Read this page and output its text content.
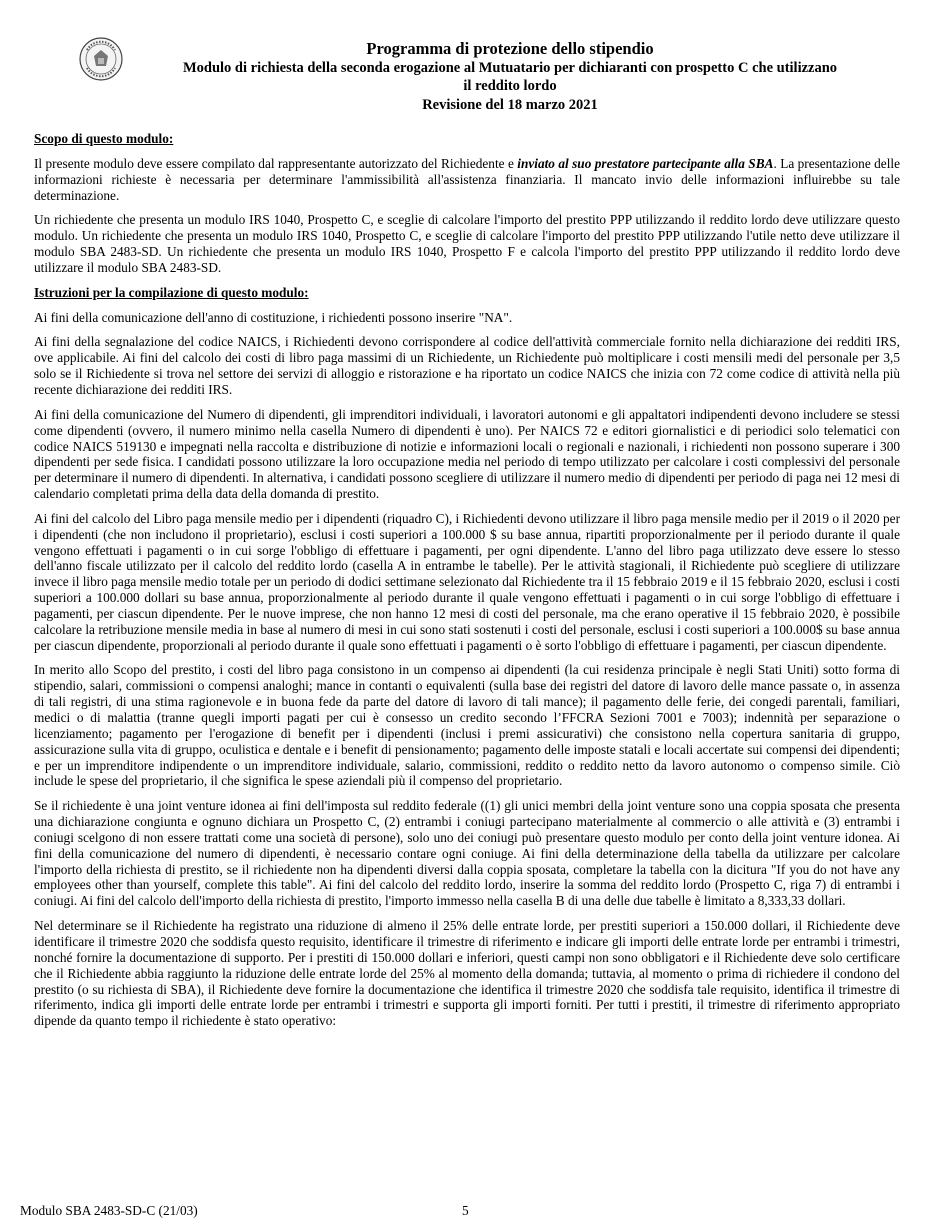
Programma di protezione dello stipendio
Modulo di richiesta della seconda erogazione al Mutuatario per dichiaranti con prospetto C che utilizzano
il reddito lordo
Revisione del 18 marzo 2021

Scopo di questo modulo:

Il presente modulo deve essere compilato dal rappresentante autorizzato del Richiedente e inviato al suo prestatore partecipante alla SBA. La presentazione delle informazioni richieste è necessaria per determinare l'ammissibilità all'assistenza finanziaria. Il mancato invio delle informazioni influirebbe su tale determinazione.

Un richiedente che presenta un modulo IRS 1040, Prospetto C, e sceglie di calcolare l'importo del prestito PPP utilizzando il reddito lordo deve utilizzare questo modulo. Un richiedente che presenta un modulo IRS 1040, Prospetto C, e sceglie di calcolare l'importo del prestito PPP utilizzando l'utile netto deve utilizzare il modulo SBA 2483-SD. Un richiedente che presenta un modulo IRS 1040, Prospetto F e calcola l'importo del prestito PPP utilizzando il reddito lordo deve utilizzare il modulo SBA 2483-SD.

Istruzioni per la compilazione di questo modulo:

Ai fini della comunicazione dell'anno di costituzione, i richiedenti possono inserire "NA".

Ai fini della segnalazione del codice NAICS, i Richiedenti devono corrispondere al codice dell'attività commerciale fornito nella dichiarazione dei redditi IRS, ove applicabile. Ai fini del calcolo dei costi di libro paga massimi di un Richiedente, un Richiedente può moltiplicare i costi mensili medi del personale per 3,5 solo se il Richiedente si trova nel settore dei servizi di alloggio e ristorazione e ha riportato un codice NAICS che inizia con 72 come codice di attività nella più recente dichiarazione dei redditi IRS.

Ai fini della comunicazione del Numero di dipendenti, gli imprenditori individuali, i lavoratori autonomi e gli appaltatori indipendenti devono includere se stessi come dipendenti (ovvero, il numero minimo nella casella Numero di dipendenti è uno). Per NAICS 72 e editori giornalistici e di periodici solo telematici con codice NAICS 519130 e impegnati nella raccolta e distribuzione di notizie e informazioni locali o regionali e nazionali, i richiedenti non possono superare i 300 dipendenti per sede fisica. I candidati possono utilizzare la loro occupazione media nel periodo di tempo utilizzato per calcolare i costi complessivi del personale per determinare il numero di dipendenti. In alternativa, i candidati possono scegliere di utilizzare il numero medio di dipendenti per periodo di paga nei 12 mesi di calendario completati prima della data della domanda di prestito.

Ai fini del calcolo del Libro paga mensile medio per i dipendenti (riquadro C), i Richiedenti devono utilizzare il libro paga mensile medio per il 2019 o il 2020 per i dipendenti (che non includono il proprietario), esclusi i costi superiori a 100.000 $ su base annua, ripartiti proporzionalmente per il periodo durante il quale vengono effettuati i pagamenti o in cui sorge l'obbligo di effettuare i pagamenti, per ogni dipendente. L'anno del libro paga utilizzato deve essere lo stesso dell'anno fiscale utilizzato per il calcolo del reddito lordo (casella A in entrambe le tabelle). Per le attività stagionali, il Richiedente può scegliere di utilizzare invece il libro paga mensile medio totale per un periodo di dodici settimane selezionato dal Richiedente tra il 15 febbraio 2019 e il 15 febbraio 2020, esclusi i costi superiori a 100.000 dollari su base annua, proporzionalmente al periodo durante il quale vengono effettuati i pagamenti o in cui sorge l'obbligo di effettuare i pagamenti, per ciascun dipendente. Per le nuove imprese, che non hanno 12 mesi di costi del personale, ma che erano operative il 15 febbraio 2020, è possibile calcolare la retribuzione mensile media in base al numero di mesi in cui sono stati sostenuti i costi del personale, esclusi i costi superiori a 100.000$ su base annua per ciascun dipendente, proporzionali al periodo durante il quale sono effettuati i pagamenti o è sorto l'obbligo di effettuare i pagamenti, per ciascun dipendente.

In merito allo Scopo del prestito, i costi del libro paga consistono in un compenso ai dipendenti (la cui residenza principale è negli Stati Uniti) sotto forma di stipendio, salari, commissioni o compensi analoghi; mance in contanti o equivalenti (sulla base dei registri del datore di lavoro delle mance passate o, in assenza di tali registri, di una stima ragionevole e in buona fede da parte del datore di lavoro di tali mance); il pagamento delle ferie, dei congedi parentali, familiari, medici o di malattia (tranne quegli importi pagati per cui è consesso un credito secondo l’FFCRA Sezioni 7001 e 7003); indennità per separazione o licenziamento; pagamento per l'erogazione di benefit per i dipendenti (inclusi i premi assicurativi) che consistono nella copertura sanitaria di gruppo, assicurazione sulla vita di gruppo, oculistica e dentale e i benefit di pensionamento; pagamento delle imposte statali e locali accertate sui compensi dei dipendenti; e per un imprenditore indipendente o un imprenditore individuale, salario, commissioni, reddito o reddito netto da lavoro autonomo o compenso simile. Ciò include le spese del proprietario, il che significa le spese aziendali più il compenso del proprietario.

Se il richiedente è una joint venture idonea ai fini dell'imposta sul reddito federale ((1) gli unici membri della joint venture sono una coppia sposata che presenta una dichiarazione congiunta e ognuno dichiara un Prospetto C, (2) entrambi i coniugi partecipano materialmente al commercio o alle attività e (3) entrambi i coniugi scelgono di non essere trattati come una società di persone), solo uno dei coniugi può presentare questo modulo per conto della joint venture idonea. Ai fini della comunicazione del numero di dipendenti, è necessario contare ogni coniuge. Ai fini della determinazione della tabella da utilizzare per calcolare l'importo della richiesta di prestito, se il richiedente non ha dipendenti diversi dalla coppia sposata, completare la tabella con la dicitura "If you do not have any employees other than yourself, complete this table". Ai fini del calcolo del reddito lordo, inserire la somma del reddito lordo (Prospetto C, riga 7) di entrambi i coniugi. Ai fini del calcolo dell'importo della richiesta di prestito, l'importo immesso nella casella B di una delle due tabelle è limitato a 8,333,33 dollari.

Nel determinare se il Richiedente ha registrato una riduzione di almeno il 25% delle entrate lorde, per prestiti superiori a 150.000 dollari, il Richiedente deve identificare il trimestre 2020 che soddisfa questo requisito, identificare il trimestre di riferimento e indicare gli importi delle entrate lorde per entrambi i trimestri, nonché fornire la documentazione di supporto. Per i prestiti di 150.000 dollari e inferiori, questi campi non sono obbligatori e il Richiedente deve solo certificare che il Richiedente abbia raggiunto la riduzione delle entrate lorde del 25% al momento della domanda; tuttavia, al momento o prima di richiedere il condono del prestito (o su richiesta di SBA), il Richiedente deve fornire la documentazione che identifica il trimestre 2020 che soddisfa tale requisito, identifica il trimestre di riferimento, indica gli importi delle entrate lorde per entrambi i trimestri e supporta gli importi forniti. Per tutti i prestiti, il trimestre di riferimento appropriato dipende da quanto tempo il richiedente è stato operativo:

Modulo SBA 2483-SD-C (21/03)	5
